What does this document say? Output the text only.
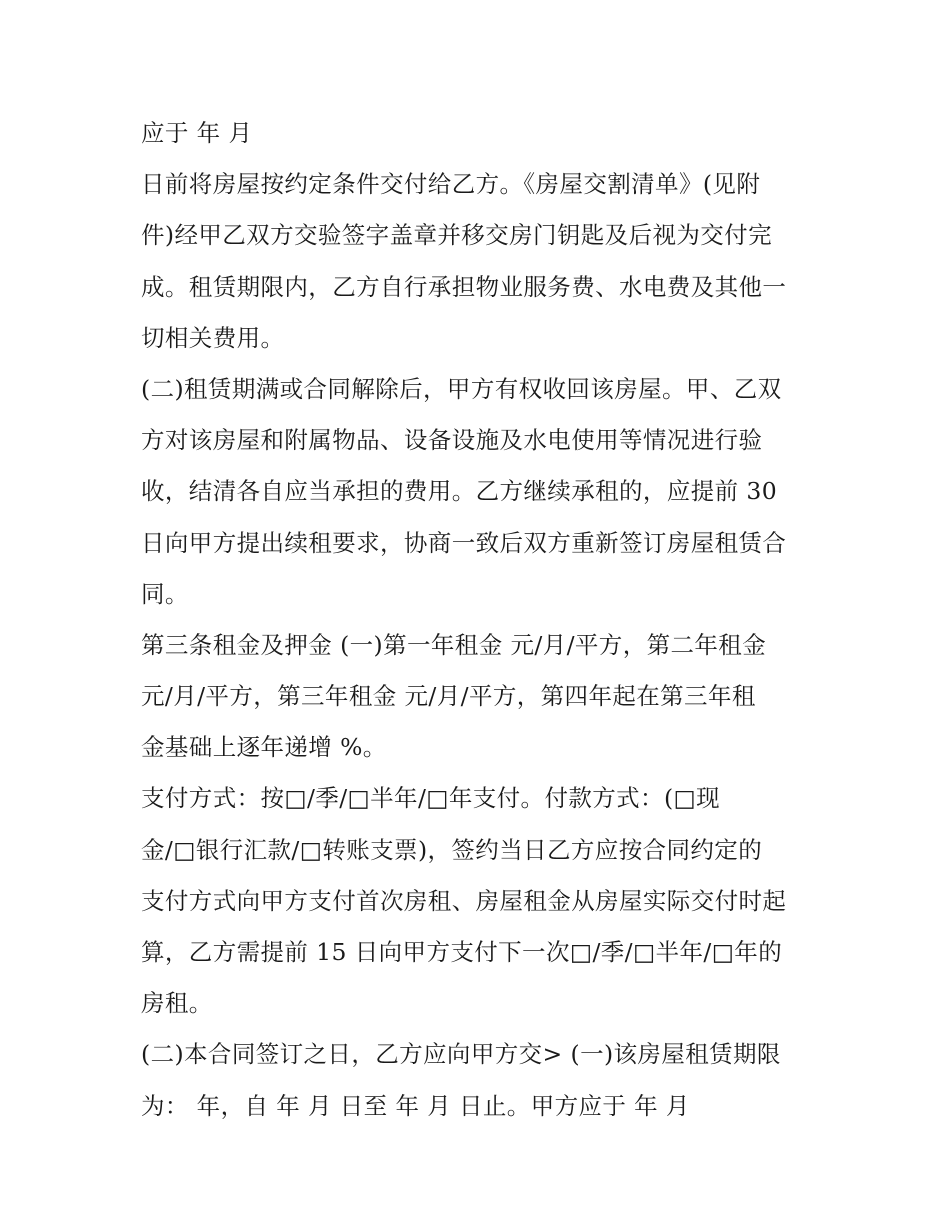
应于 年 月
日前将房屋按约定条件交付给乙方。《房屋交割清单》(见附
件)经甲乙双方交验签字盖章并移交房门钥匙及后视为交付完
成。租赁期限内，乙方自行承担物业服务费、水电费及其他一
切相关费用。
(二)租赁期满或合同解除后，甲方有权收回该房屋。甲、乙双
方对该房屋和附属物品、设备设施及水电使用等情况进行验
收，结清各自应当承担的费用。乙方继续承租的，应提前 30
日向甲方提出续租要求，协商一致后双方重新签订房屋租赁合
同。
第三条租金及押金 (一)第一年租金 元/月/平方，第二年租金
元/月/平方，第三年租金 元/月/平方，第四年起在第三年租
金基础上逐年递增 %。
支付方式：按□/季/□半年/□年支付。付款方式：(□现
金/□银行汇款/□转账支票)，签约当日乙方应按合同约定的
支付方式向甲方支付首次房租、房屋租金从房屋实际交付时起
算，乙方需提前 15 日向甲方支付下一次□/季/□半年/□年的
房租。
(二)本合同签订之日，乙方应向甲方交> (一)该房屋租赁期限
为： 年，自 年 月 日至 年 月 日止。甲方应于 年 月
